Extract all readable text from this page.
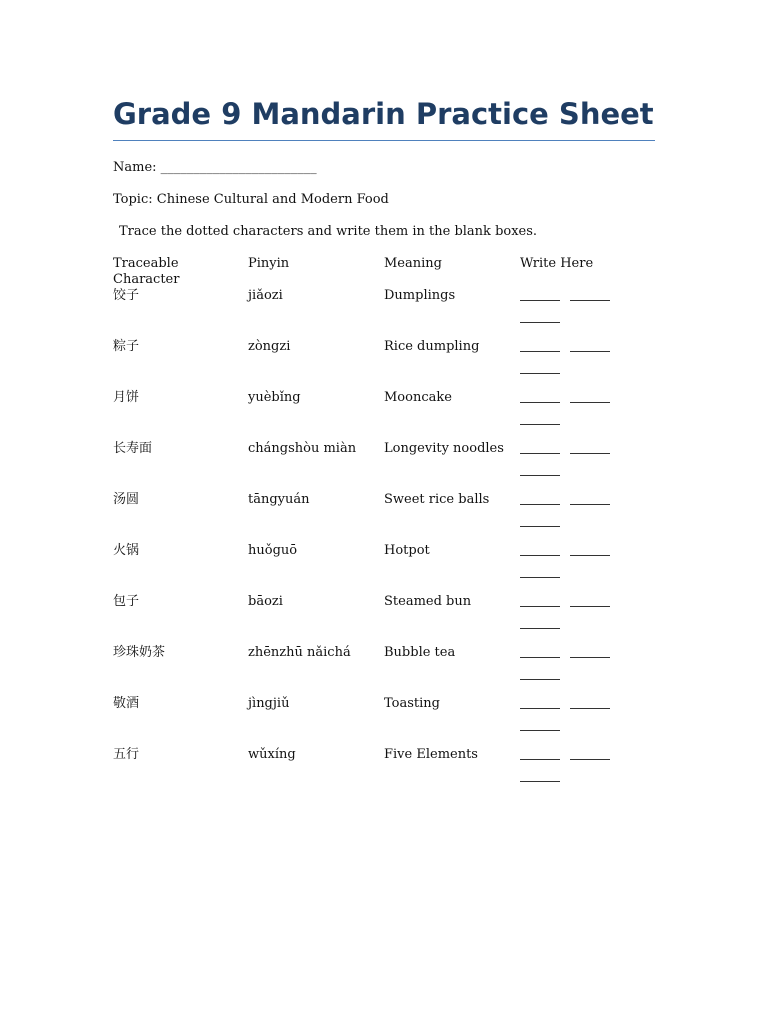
Grade 9 Mandarin Practice Sheet
Name: ________________________
Topic: Chinese Cultural and Modern Food
Trace the dotted characters and write them in the blank boxes.
Traceable Character	Pinyin	Meaning	Write Here
饺子	jiǎozi	Dumplings	

粽子	zòngzi	Rice dumpling	

月饼	yuèbǐng	Mooncake	

长寿面	chángshòu miàn	Longevity noodles	

汤圆	tāngyuán	Sweet rice balls	

火锅	huǒguō	Hotpot	

包子	bāozi	Steamed bun	

珍珠奶茶	zhēnzhū nǎichá	Bubble tea	

敬酒	jìngjiǔ	Toasting	

五行	wǔxíng	Five Elements	
